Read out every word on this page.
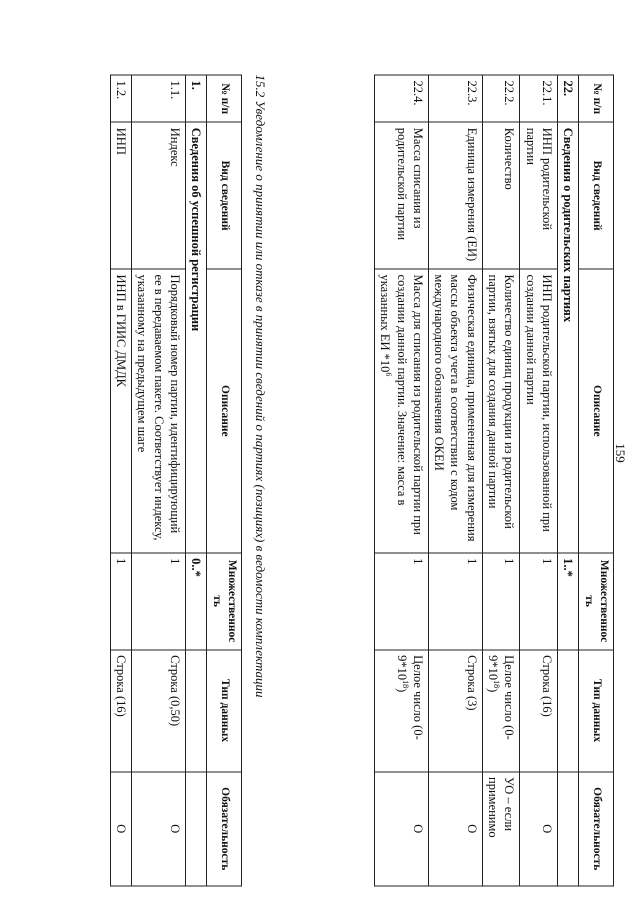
159
№ п/п	Вид сведений	Описание	Множественность	Тип данных	Обязательность
22.	Сведения о родительских партиях		1..*		
22.1.	ИНП родительской партии	ИНП родительской партии, использованной при создании данной партии	1	Строка (16)	О
22.2.	Количество	Количество единиц продукции из родительской партии, взятых для создания данной партии	1	Целое число $(0-9*10^{18})$	УО – если применимо
22.3.	Единица измерения (ЕИ)	Физическая единица, примененная для измерения массы объекта учета в соответствии с кодом международного обозначения ОКЕИ	1	Строка (3)	О
22.4.	Масса списания из родительской партии	Масса для списания из родительской партии при создании данной партии. Значение: масса в указанных ЕИ $*10^6$	1	Целое число $(0-9*10^{18})$	О
15.2 Уведомление о принятии или отказе в принятии сведений о партиях (позициях) в ведомости комплектации
№ п/п	Вид сведений	Описание	Множественность	Тип данных	Обязательность
1.	Сведения об успешной регистрации		0..*		
1.1.	Индекс	Порядковый номер партии, идентифицирующий ее в передаваемом пакете. Соответствует индексу, указанному на предыдущем шаге	1	Строка (0,50)	О
1.2.	ИНП	ИНП в ГИИС ДМДК	1	Строка (16)	О
